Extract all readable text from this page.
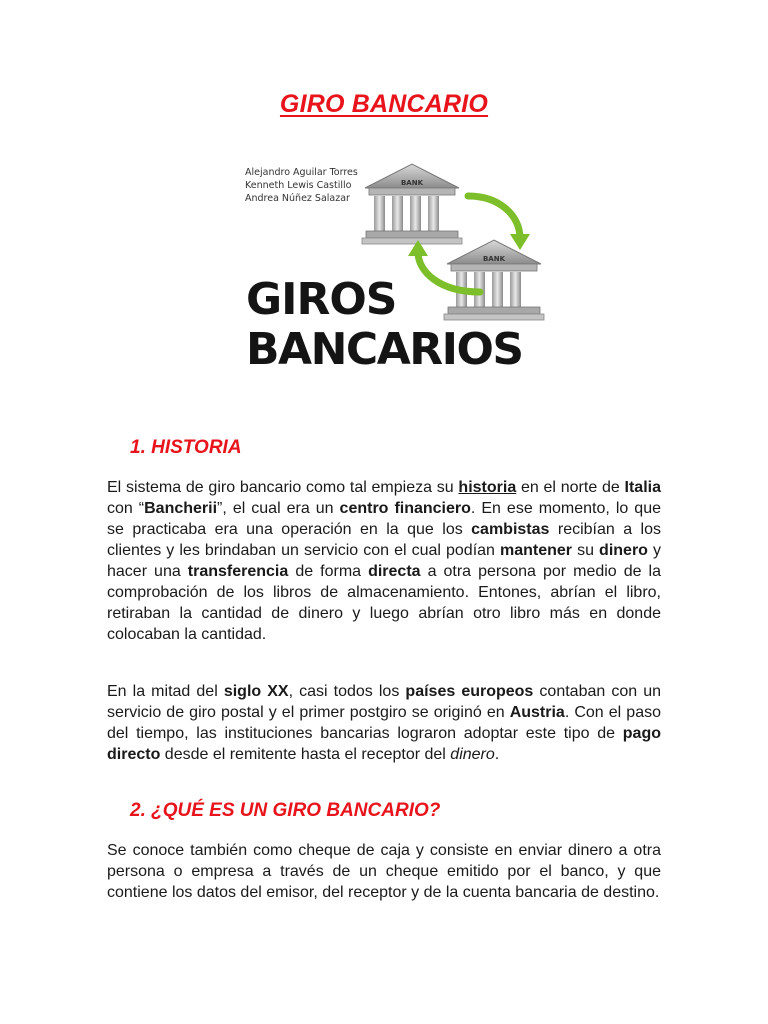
GIRO BANCARIO
Alejandro Aguilar Torres
Kenneth Lewis Castillo
Andrea Núñez Salazar
BANK
BANK
GIROS
BANCARIOS
1. HISTORIA
El sistema de giro bancario como tal empieza su historia en el norte de Italia con “Bancherii”, el cual era un centro financiero. En ese momento, lo que se practicaba era una operación en la que los cambistas recibían a los clientes y les brindaban un servicio con el cual podían mantener su dinero y hacer una transferencia de forma directa a otra persona por medio de la comprobación de los libros de almacenamiento. Entones, abrían el libro, retiraban la cantidad de dinero y luego abrían otro libro más en donde colocaban la cantidad.
En la mitad del siglo XX, casi todos los países europeos contaban con un servicio de giro postal y el primer postgiro se originó en Austria. Con el paso del tiempo, las instituciones bancarias lograron adoptar este tipo de pago directo desde el remitente hasta el receptor del dinero.
2. ¿QUÉ ES UN GIRO BANCARIO?
Se conoce también como cheque de caja y consiste en enviar dinero a otra persona o empresa a través de un cheque emitido por el banco, y que contiene los datos del emisor, del receptor y de la cuenta bancaria de destino.
